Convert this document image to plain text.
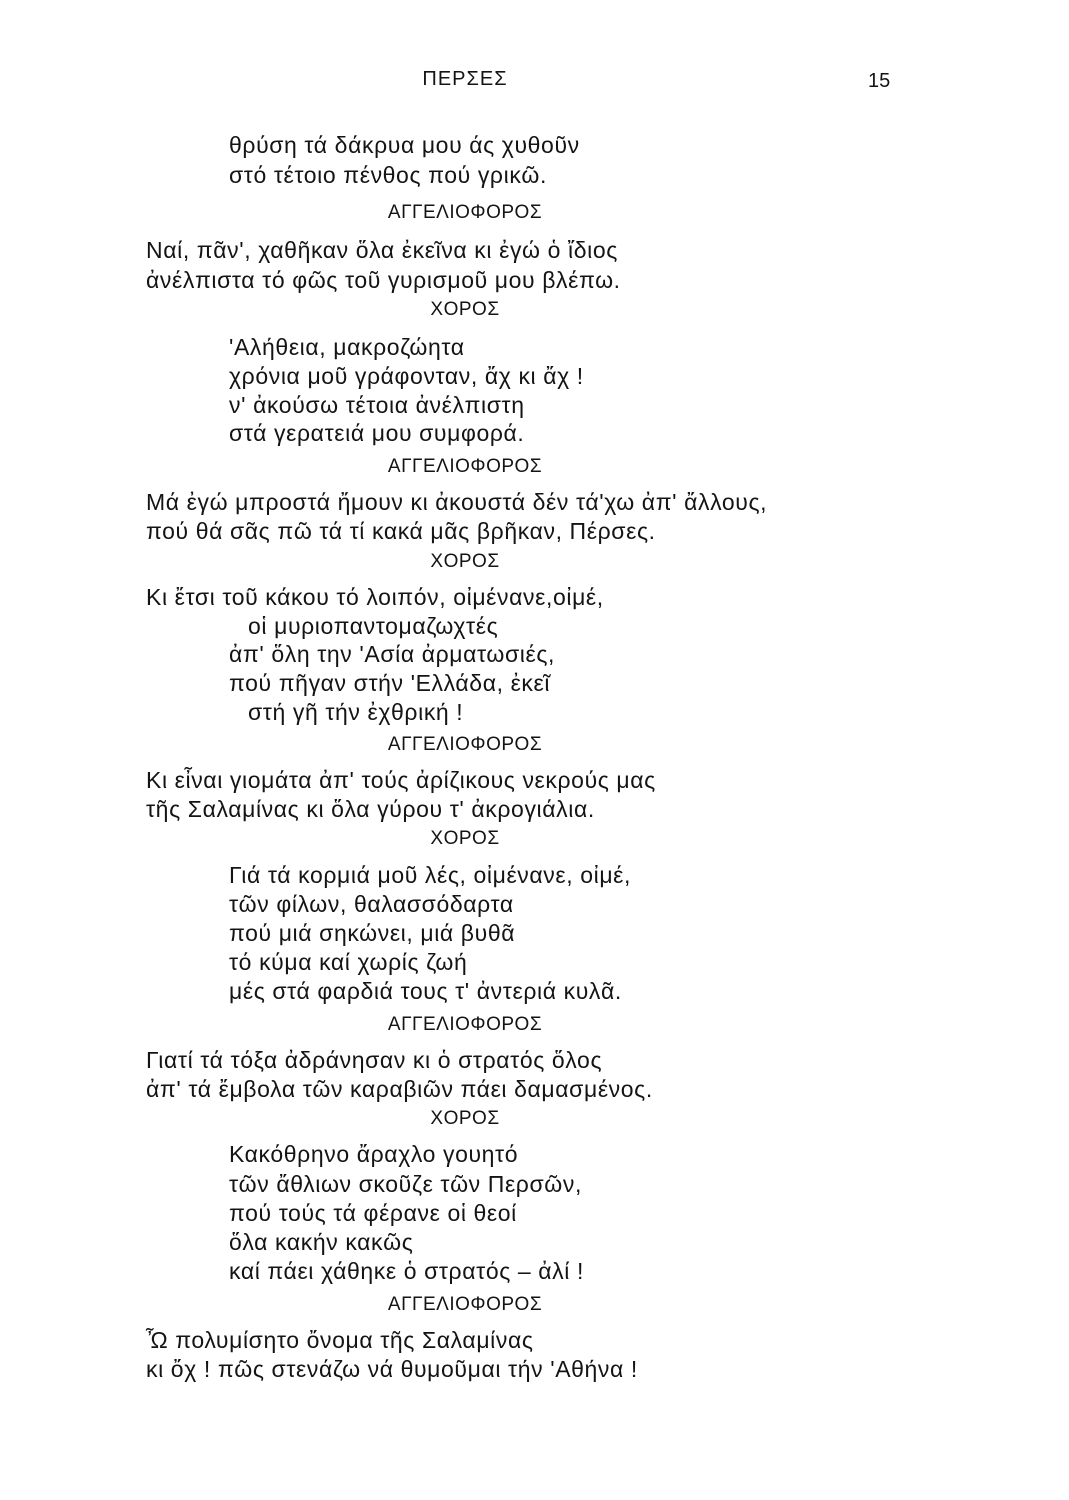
ΠΕΡΣΕΣ	15
θρύση τά δάκρυα μου άς χυθοῦν
στό τέτοιο πένθος πού γρικῶ.
ΑΓΓΕΛΙΟΦΟΡΟΣ
Ναί, πᾶν', χαθῆκαν ὅλα ἐκεῖνα κι ἐγώ ὁ ἴδιος
ἀνέλπιστα τό φῶς τοῦ γυρισμοῦ μου βλέπω.
ΧΟΡΟΣ
'Αλήθεια, μακροζώητα
χρόνια μοῦ γράφονταν, ἄχ κι ἄχ !
ν' ἀκούσω τέτοια ἀνέλπιστη
στά γερατειά μου συμφορά.
ΑΓΓΕΛΙΟΦΟΡΟΣ
Μά ἐγώ μπροστά ἤμουν κι ἀκουστά δέν τά'χω ἀπ' ἄλλους,
πού θά σᾶς πῶ τά τί κακά μᾶς βρῆκαν, Πέρσες.
ΧΟΡΟΣ
Κι ἔτσι τοῦ κάκου τό λοιπόν, οἰμένανε,οἰμέ,
οἱ μυριοπαντομαζωχτές
ἀπ' ὅλη την 'Ασία ἀρματωσιές,
πού πῆγαν στήν 'Ελλάδα, ἐκεῖ
στή γῆ τήν ἐχθρική !
ΑΓΓΕΛΙΟΦΟΡΟΣ
Κι εἶναι γιομάτα ἀπ' τούς ἀρίζικους νεκρούς μας
τῆς Σαλαμίνας κι ὅλα γύρου τ' ἀκρογιάλια.
ΧΟΡΟΣ
Γιά τά κορμιά μοῦ λές, οἰμένανε, οἰμέ,
τῶν φίλων, θαλασσόδαρτα
πού μιά σηκώνει, μιά βυθᾶ
τό κύμα καί χωρίς ζωή
μές στά φαρδιά τους τ' ἀντεριά κυλᾶ.
ΑΓΓΕΛΙΟΦΟΡΟΣ
Γιατί τά τόξα ἀδράνησαν κι ὁ στρατός ὅλος
ἀπ' τά ἔμβολα τῶν καραβιῶν πάει δαμασμένος.
ΧΟΡΟΣ
Κακόθρηνο ἄραχλο γουητό
τῶν ἄθλιων σκοῦζε τῶν Περσῶν,
πού τούς τά φέρανε οἱ θεοί
ὅλα κακήν κακῶς
καί πάει χάθηκε ὁ στρατός – ἀλί !
ΑΓΓΕΛΙΟΦΟΡΟΣ
Ὦ πολυμίσητο ὄνομα τῆς Σαλαμίνας
κι ὄχ ! πῶς στενάζω νά θυμοῦμαι τήν 'Αθήνα !
